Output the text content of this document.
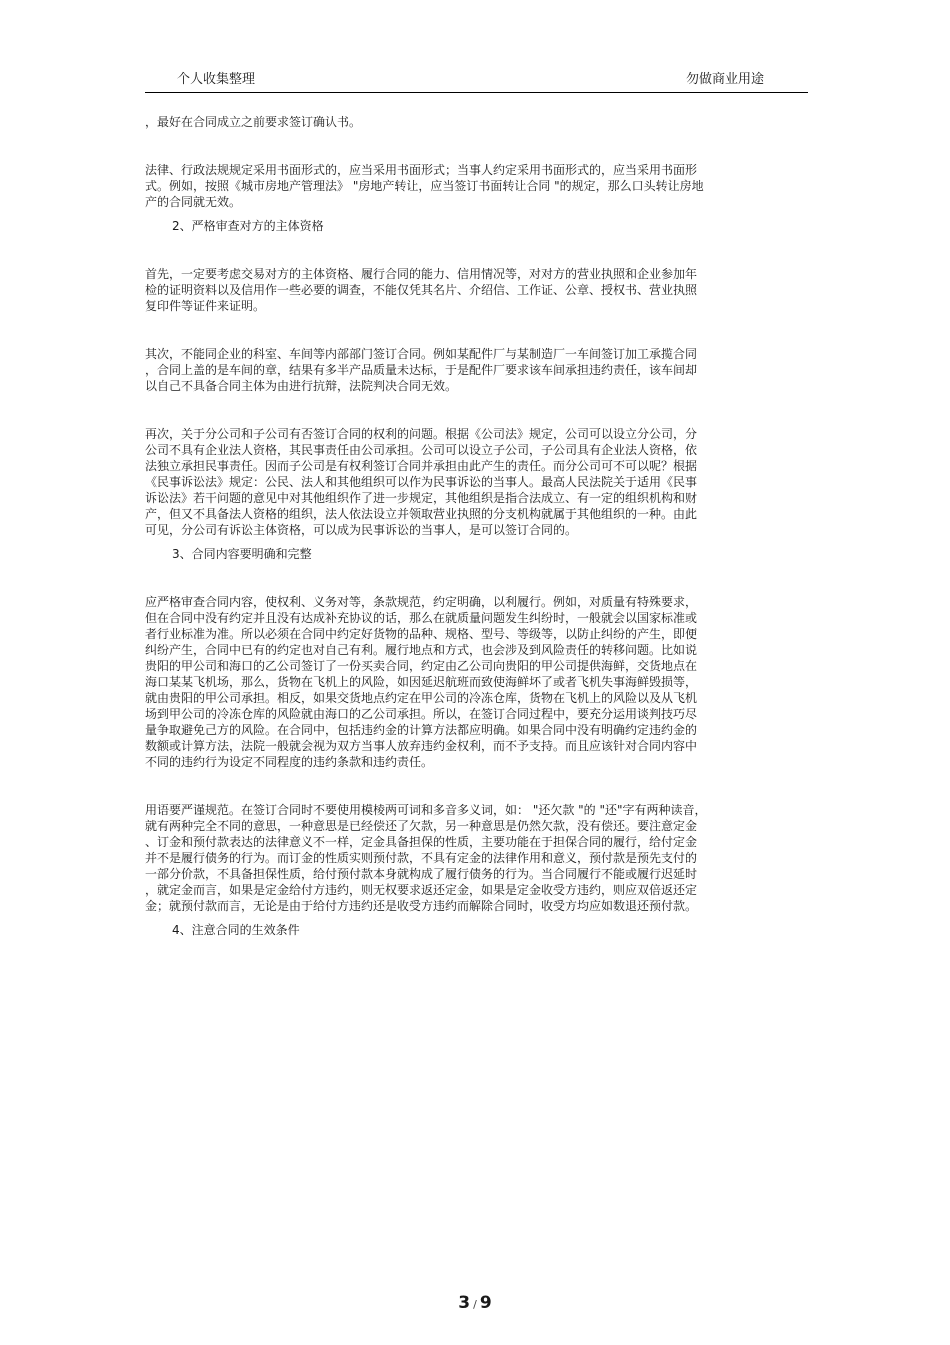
个人收集整理	勿做商业用途
，最好在合同成立之前要求签订确认书。
法律、行政法规规定采用书面形式的，应当采用书面形式；当事人约定采用书面形式的，应当采用书面形
式。例如，按照《城市房地产管理法》 "房地产转让，应当签订书面转让合同 "的规定，那么口头转让房地
产的合同就无效。
2、严格审查对方的主体资格
首先，一定要考虑交易对方的主体资格、履行合同的能力、信用情况等，对对方的营业执照和企业参加年
检的证明资料以及信用作一些必要的调查，不能仅凭其名片、介绍信、工作证、公章、授权书、营业执照
复印件等证件来证明。
其次，不能同企业的科室、车间等内部部门签订合同。例如某配件厂与某制造厂一车间签订加工承揽合同
，合同上盖的是车间的章，结果有多半产品质量未达标，于是配件厂要求该车间承担违约责任，该车间却
以自己不具备合同主体为由进行抗辩，法院判决合同无效。
再次，关于分公司和子公司有否签订合同的权利的问题。根据《公司法》规定，公司可以设立分公司，分
公司不具有企业法人资格，其民事责任由公司承担。公司可以设立子公司，子公司具有企业法人资格，依
法独立承担民事责任。因而子公司是有权利签订合同并承担由此产生的责任。而分公司可不可以呢？根据
《民事诉讼法》规定：公民、法人和其他组织可以作为民事诉讼的当事人。最高人民法院关于适用《民事
诉讼法》若干问题的意见中对其他组织作了进一步规定，其他组织是指合法成立、有一定的组织机构和财
产，但又不具备法人资格的组织，法人依法设立并领取营业执照的分支机构就属于其他组织的一种。由此
可见，分公司有诉讼主体资格，可以成为民事诉讼的当事人，是可以签订合同的。
3、合同内容要明确和完整
应严格审查合同内容，使权利、义务对等，条款规范，约定明确，以利履行。例如，对质量有特殊要求，
但在合同中没有约定并且没有达成补充协议的话，那么在就质量问题发生纠纷时，一般就会以国家标准或
者行业标准为准。所以必须在合同中约定好货物的品种、规格、型号、等级等，以防止纠纷的产生，即便
纠纷产生，合同中已有的约定也对自己有利。履行地点和方式，也会涉及到风险责任的转移问题。比如说
贵阳的甲公司和海口的乙公司签订了一份买卖合同，约定由乙公司向贵阳的甲公司提供海鲜，交货地点在
海口某某飞机场，那么，货物在飞机上的风险，如因延迟航班而致使海鲜坏了或者飞机失事海鲜毁损等，
就由贵阳的甲公司承担。相反，如果交货地点约定在甲公司的冷冻仓库，货物在飞机上的风险以及从飞机
场到甲公司的冷冻仓库的风险就由海口的乙公司承担。所以，在签订合同过程中，要充分运用谈判技巧尽
量争取避免己方的风险。在合同中，包括违约金的计算方法都应明确。如果合同中没有明确约定违约金的
数额或计算方法，法院一般就会视为双方当事人放弃违约金权利，而不予支持。而且应该针对合同内容中
不同的违约行为设定不同程度的违约条款和违约责任。
用语要严谨规范。在签订合同时不要使用模棱两可词和多音多义词，如： "还欠款 "的 "还"字有两种读音，
就有两种完全不同的意思，一种意思是已经偿还了欠款，另一种意思是仍然欠款，没有偿还。要注意定金
、订金和预付款表达的法律意义不一样，定金具备担保的性质，主要功能在于担保合同的履行，给付定金
并不是履行债务的行为。而订金的性质实则预付款，不具有定金的法律作用和意义，预付款是预先支付的
一部分价款，不具备担保性质，给付预付款本身就构成了履行债务的行为。当合同履行不能或履行迟延时
，就定金而言，如果是定金给付方违约，则无权要求返还定金，如果是定金收受方违约，则应双倍返还定
金；就预付款而言，无论是由于给付方违约还是收受方违约而解除合同时，收受方均应如数退还预付款。
4、注意合同的生效条件
3 / 9
